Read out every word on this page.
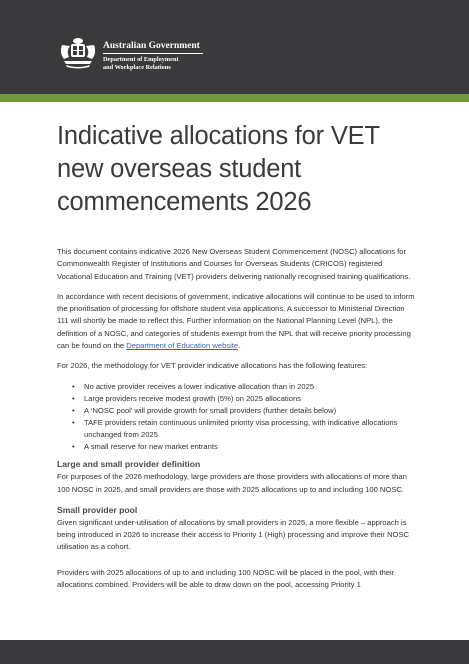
Australian Government
Department of Employment
and Workplace Relations
Indicative allocations for VET new overseas student commencements 2026

This document contains indicative 2026 New Overseas Student Commencement (NOSC) allocations for Commonwealth Register of Institutions and Courses for Overseas Students (CRICOS) registered Vocational Education and Training (VET) providers delivering nationally recognised training qualifications.

In accordance with recent decisions of government, indicative allocations will continue to be used to inform the prioritisation of processing for offshore student visa applications. A successor to Ministerial Direction 111 will shortly be made to reflect this. Further information on the National Planning Level (NPL), the definition of a NOSC, and categories of students exempt from the NPL that will receive priority processing can be found on the Department of Education website.

For 2026, the methodology for VET provider indicative allocations has the following features:

• No active provider receives a lower indicative allocation than in 2025
• Large providers receive modest growth (5%) on 2025 allocations
• A ‘NOSC pool’ will provide growth for small providers (further details below)
• TAFE providers retain continuous unlimited priority visa processing, with indicative allocations unchanged from 2025
• A small reserve for new market entrants
Large and small provider definition

For purposes of the 2026 methodology, large providers are those providers with allocations of more than 100 NOSC in 2025, and small providers are those with 2025 allocations up to and including 100 NOSC.

Small provider pool

Given significant under-utilisation of allocations by small providers in 2025, a more flexible – approach is being introduced in 2026 to increase their access to Priority 1 (High) processing and improve their NOSC utilisation as a cohort.

Providers with 2025 allocations of up to and including 100 NOSC will be placed in the pool, with their allocations combined. Providers will be able to draw down on the pool, accessing Priority 1
